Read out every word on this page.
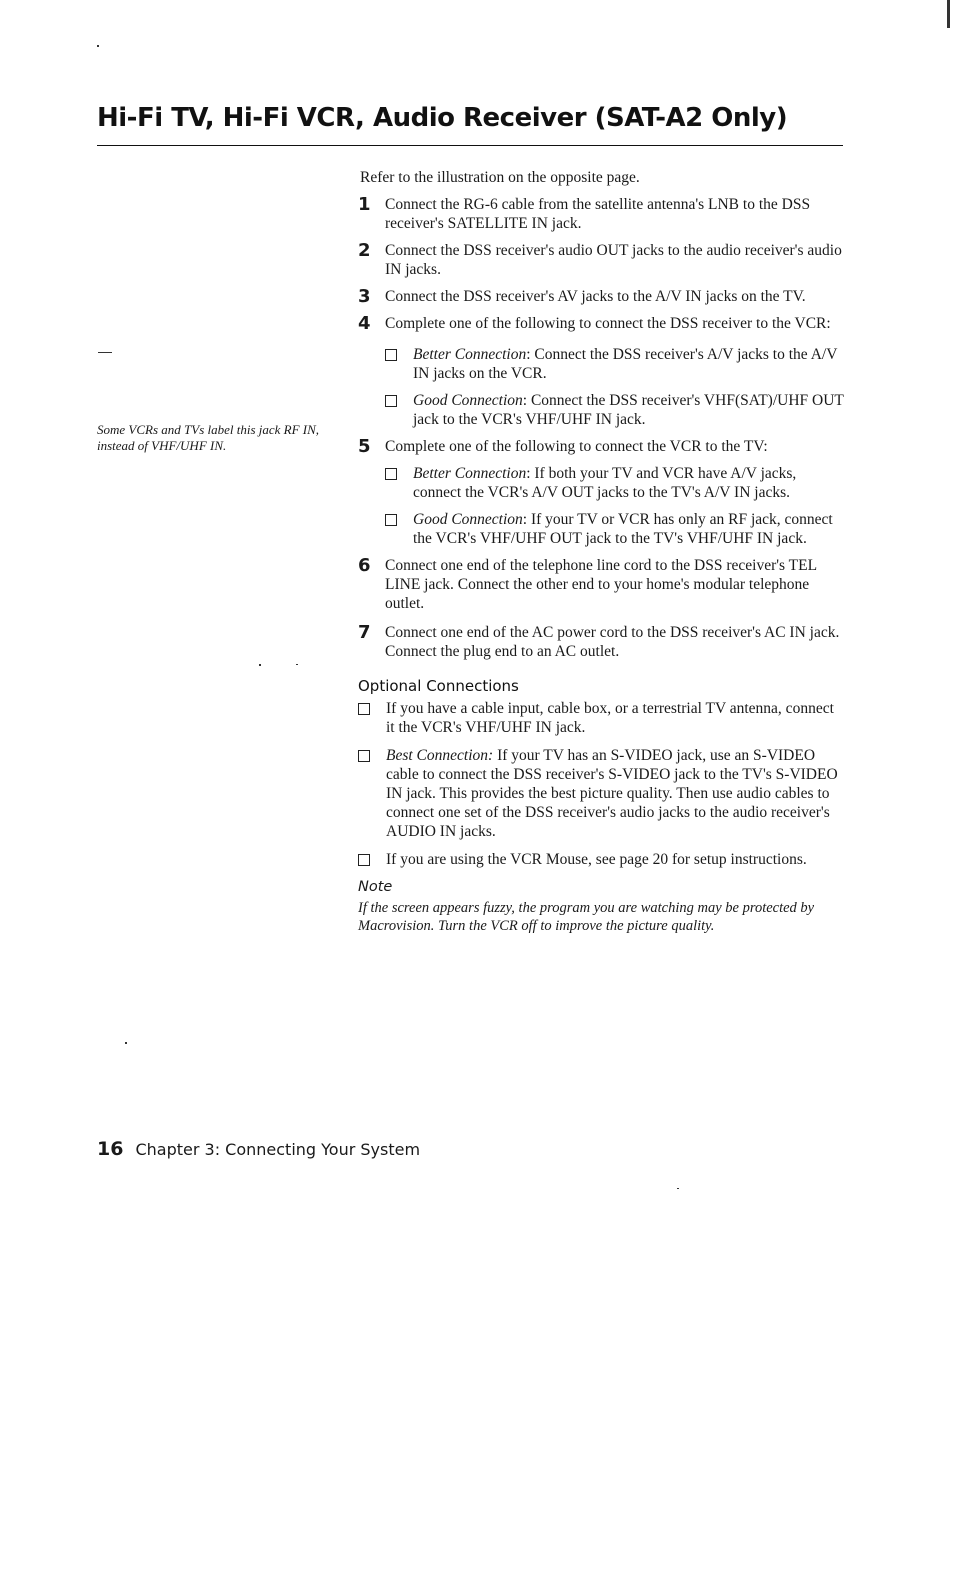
Hi-Fi TV, Hi-Fi VCR, Audio Receiver (SAT-A2 Only)

Some VCRs and TVs label this jack RF IN, instead of VHF/UHF IN.

Refer to the illustration on the opposite page.

1 Connect the RG-6 cable from the satellite antenna's LNB to the DSS receiver's SATELLITE IN jack.
2 Connect the DSS receiver's audio OUT jacks to the audio receiver's audio IN jacks.
3 Connect the DSS receiver's AV jacks to the A/V IN jacks on the TV.
4 Complete one of the following to connect the DSS receiver to the VCR:
Better Connection: Connect the DSS receiver's A/V jacks to the A/V IN jacks on the VCR.
Good Connection: Connect the DSS receiver's VHF(SAT)/UHF OUT jack to the VCR's VHF/UHF IN jack.
5 Complete one of the following to connect the VCR to the TV:
Better Connection: If both your TV and VCR have A/V jacks, connect the VCR's A/V OUT jacks to the TV's A/V IN jacks.
Good Connection: If your TV or VCR has only an RF jack, connect the VCR's VHF/UHF OUT jack to the TV's VHF/UHF IN jack.
6 Connect one end of the telephone line cord to the DSS receiver's TEL LINE jack. Connect the other end to your home's modular telephone outlet.
7 Connect one end of the AC power cord to the DSS receiver's AC IN jack. Connect the plug end to an AC outlet.
Optional Connections
If you have a cable input, cable box, or a terrestrial TV antenna, connect it the VCR's VHF/UHF IN jack.
Best Connection: If your TV has an S-VIDEO jack, use an S-VIDEO cable to connect the DSS receiver's S-VIDEO jack to the TV's S-VIDEO IN jack. This provides the best picture quality. Then use audio cables to connect one set of the DSS receiver's audio jacks to the audio receiver's AUDIO IN jacks.
If you are using the VCR Mouse, see page 20 for setup instructions.
Note

If the screen appears fuzzy, the program you are watching may be protected by Macrovision. Turn the VCR off to improve the picture quality.

16 Chapter 3: Connecting Your System
